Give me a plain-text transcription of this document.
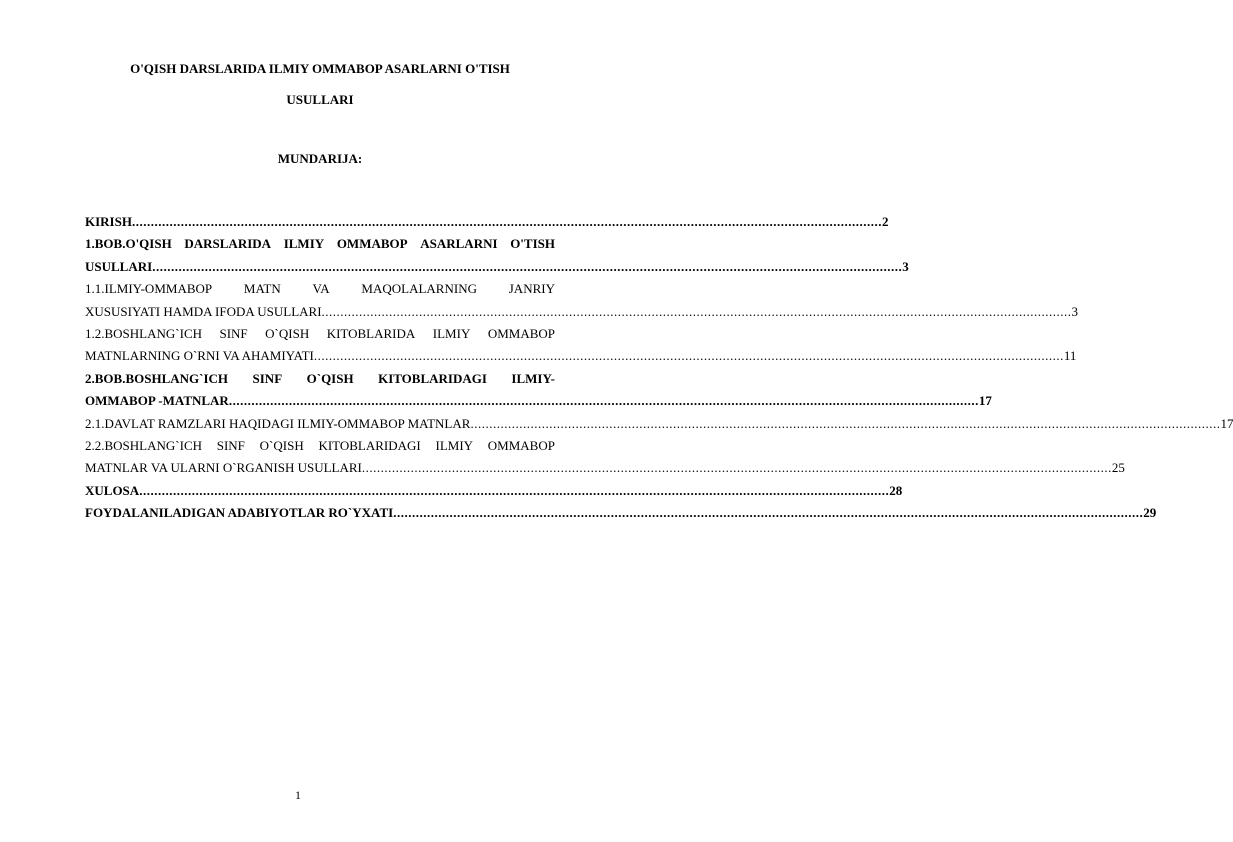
O'QISH DARSLARIDA ILMIY OMMABOP ASARLARNI O'TISH
USULLARI
MUNDARIJA:
KIRISH ........................................................................................................................................................................................................ 2
1.BOB.O'QISH DARSLARIDA ILMIY OMMABOP ASARLARNI O'TISH
USULLARI ........................................................................................................................................................................................................ 3
1.1.ILMIY-OMMABOP MATN VA MAQOLALARNING JANRIY
XUSUSIYATI HAMDA IFODA USULLARI ........................................................................................................................................................................................................ 3
1.2.BOSHLANG`ICH SINF O`QISH KITOBLARIDA ILMIY OMMABOP
MATNLARNING O`RNI VA AHAMIYATI ........................................................................................................................................................................................................ 11
2.BOB.BOSHLANG`ICH SINF O`QISH KITOBLARIDAGI ILMIY-
OMMABOP -MATNLAR ........................................................................................................................................................................................................ 17
2.1.DAVLAT RAMZLARI HAQIDAGI ILMIY-OMMABOP MATNLAR ........................................................................................................................................................................................................ 17
2.2.BOSHLANG`ICH SINF O`QISH KITOBLARIDAGI ILMIY OMMABOP
MATNLAR VA ULARNI O`RGANISH USULLARI ........................................................................................................................................................................................................ 25
XULOSA ........................................................................................................................................................................................................ 28
FOYDALANILADIGAN ADABIYOTLAR RO`YXATI ........................................................................................................................................................................................................ 29
1
